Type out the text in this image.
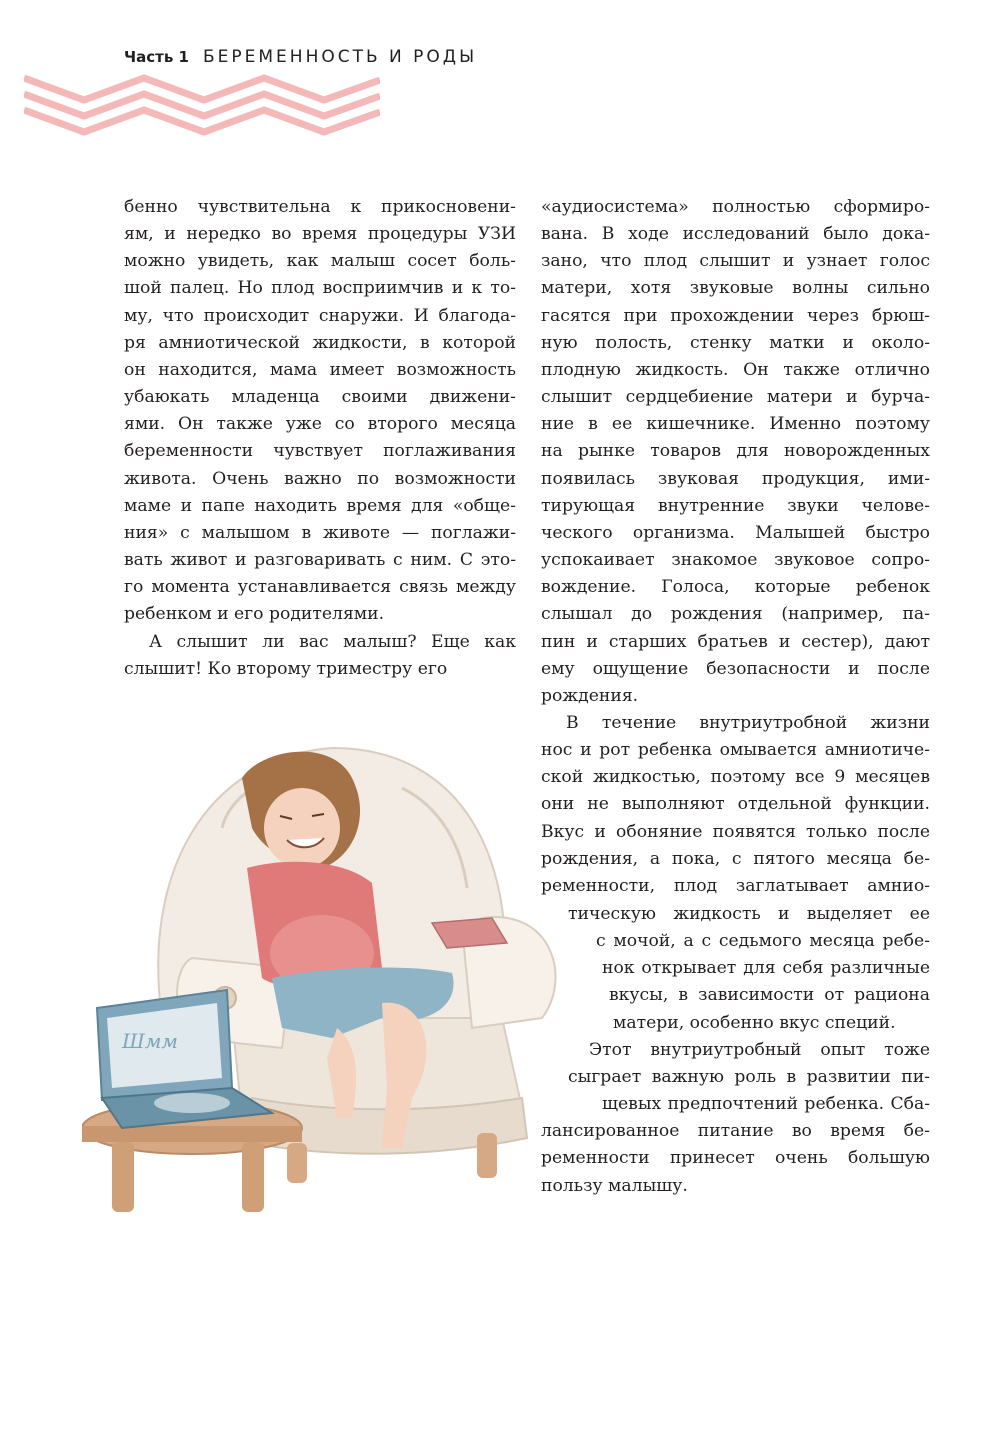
Часть 1 БЕРЕМЕННОСТЬ И РОДЫ

бенно чувствительна к прикосновени-
ям, и нередко во время процедуры УЗИ
можно увидеть, как малыш сосет боль-
шой палец. Но плод восприимчив и к то-
му, что происходит снаружи. И благода-
ря амниотической жидкости, в которой
он находится, мама имеет возможность
убаюкать младенца своими движени-
ями. Он также уже со второго месяца
беременности чувствует поглаживания
живота. Очень важно по возможности
маме и папе находить время для «обще-
ния» с малышом в животе — поглажи-
вать живот и разговаривать с ним. С это-
го момента устанавливается связь между
ребенком и его родителями.

А слышит ли вас малыш? Еще как
слышит! Ко второму триместру его

«аудиосистема» полностью сформиро-
вана. В ходе исследований было дока-
зано, что плод слышит и узнает голос
матери, хотя звуковые волны сильно
гасятся при прохождении через брюш-
ную полость, стенку матки и около-
плодную жидкость. Он также отлично
слышит сердцебиение матери и бурча-
ние в ее кишечнике. Именно поэтому
на рынке товаров для новорожденных
появилась звуковая продукция, ими-
тирующая внутренние звуки челове-
ческого организма. Малышей быстро
успокаивает знакомое звуковое сопро-
вождение. Голоса, которые ребенок
слышал до рождения (например, па-
пин и старших братьев и сестер), дают
ему ощущение безопасности и после
рождения.

В течение внутриутробной жизни
нос и рот ребенка омывается амниотиче-
ской жидкостью, поэтому все 9 месяцев
они не выполняют отдельной функции.
Вкус и обоняние появятся только после
рождения, а пока, с пятого месяца бе-
ременности, плод заглатывает амнио-

тическую жидкость и выделяет ее
с мочой, а с седьмого месяца ребе-
нок открывает для себя различные
вкусы, в зависимости от рациона
матери, особенно вкус специй.

Этот внутриутробный опыт тоже
сыграет важную роль в развитии пи-
щевых предпочтений ребенка. Сба-
лансированное питание во время бе-
ременности принесет очень большую
пользу малышу.

Шмм
